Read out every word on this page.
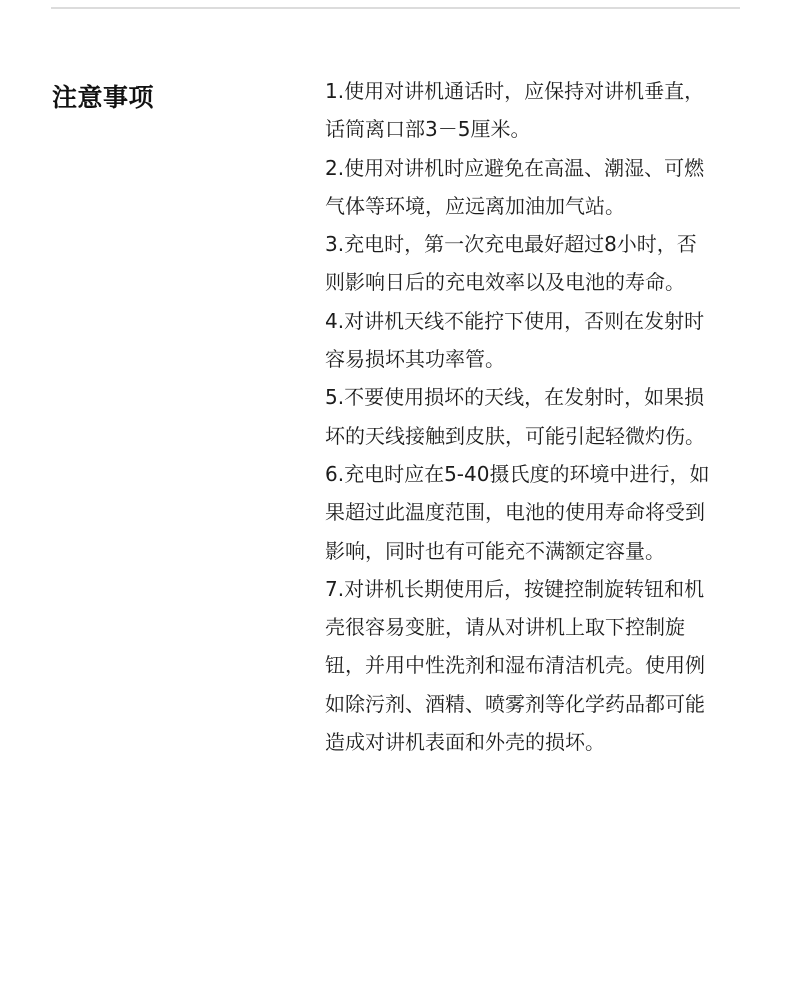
注意事项	1.使用对讲机通话时，应保持对讲机垂直，话筒离口部3－5厘米。
2.使用对讲机时应避免在高温、潮湿、可燃气体等环境，应远离加油加气站。
3.充电时，第一次充电最好超过8小时，否则影响日后的充电效率以及电池的寿命。
4.对讲机天线不能拧下使用，否则在发射时容易损坏其功率管。
5.不要使用损坏的天线，在发射时，如果损坏的天线接触到皮肤，可能引起轻微灼伤。
6.充电时应在5-40摄氏度的环境中进行，如果超过此温度范围，电池的使用寿命将受到影响，同时也有可能充不满额定容量。
7.对讲机长期使用后，按键控制旋转钮和机壳很容易变脏，请从对讲机上取下控制旋钮，并用中性洗剂和湿布清洁机壳。使用例如除污剂、酒精、喷雾剂等化学药品都可能造成对讲机表面和外壳的损坏。
